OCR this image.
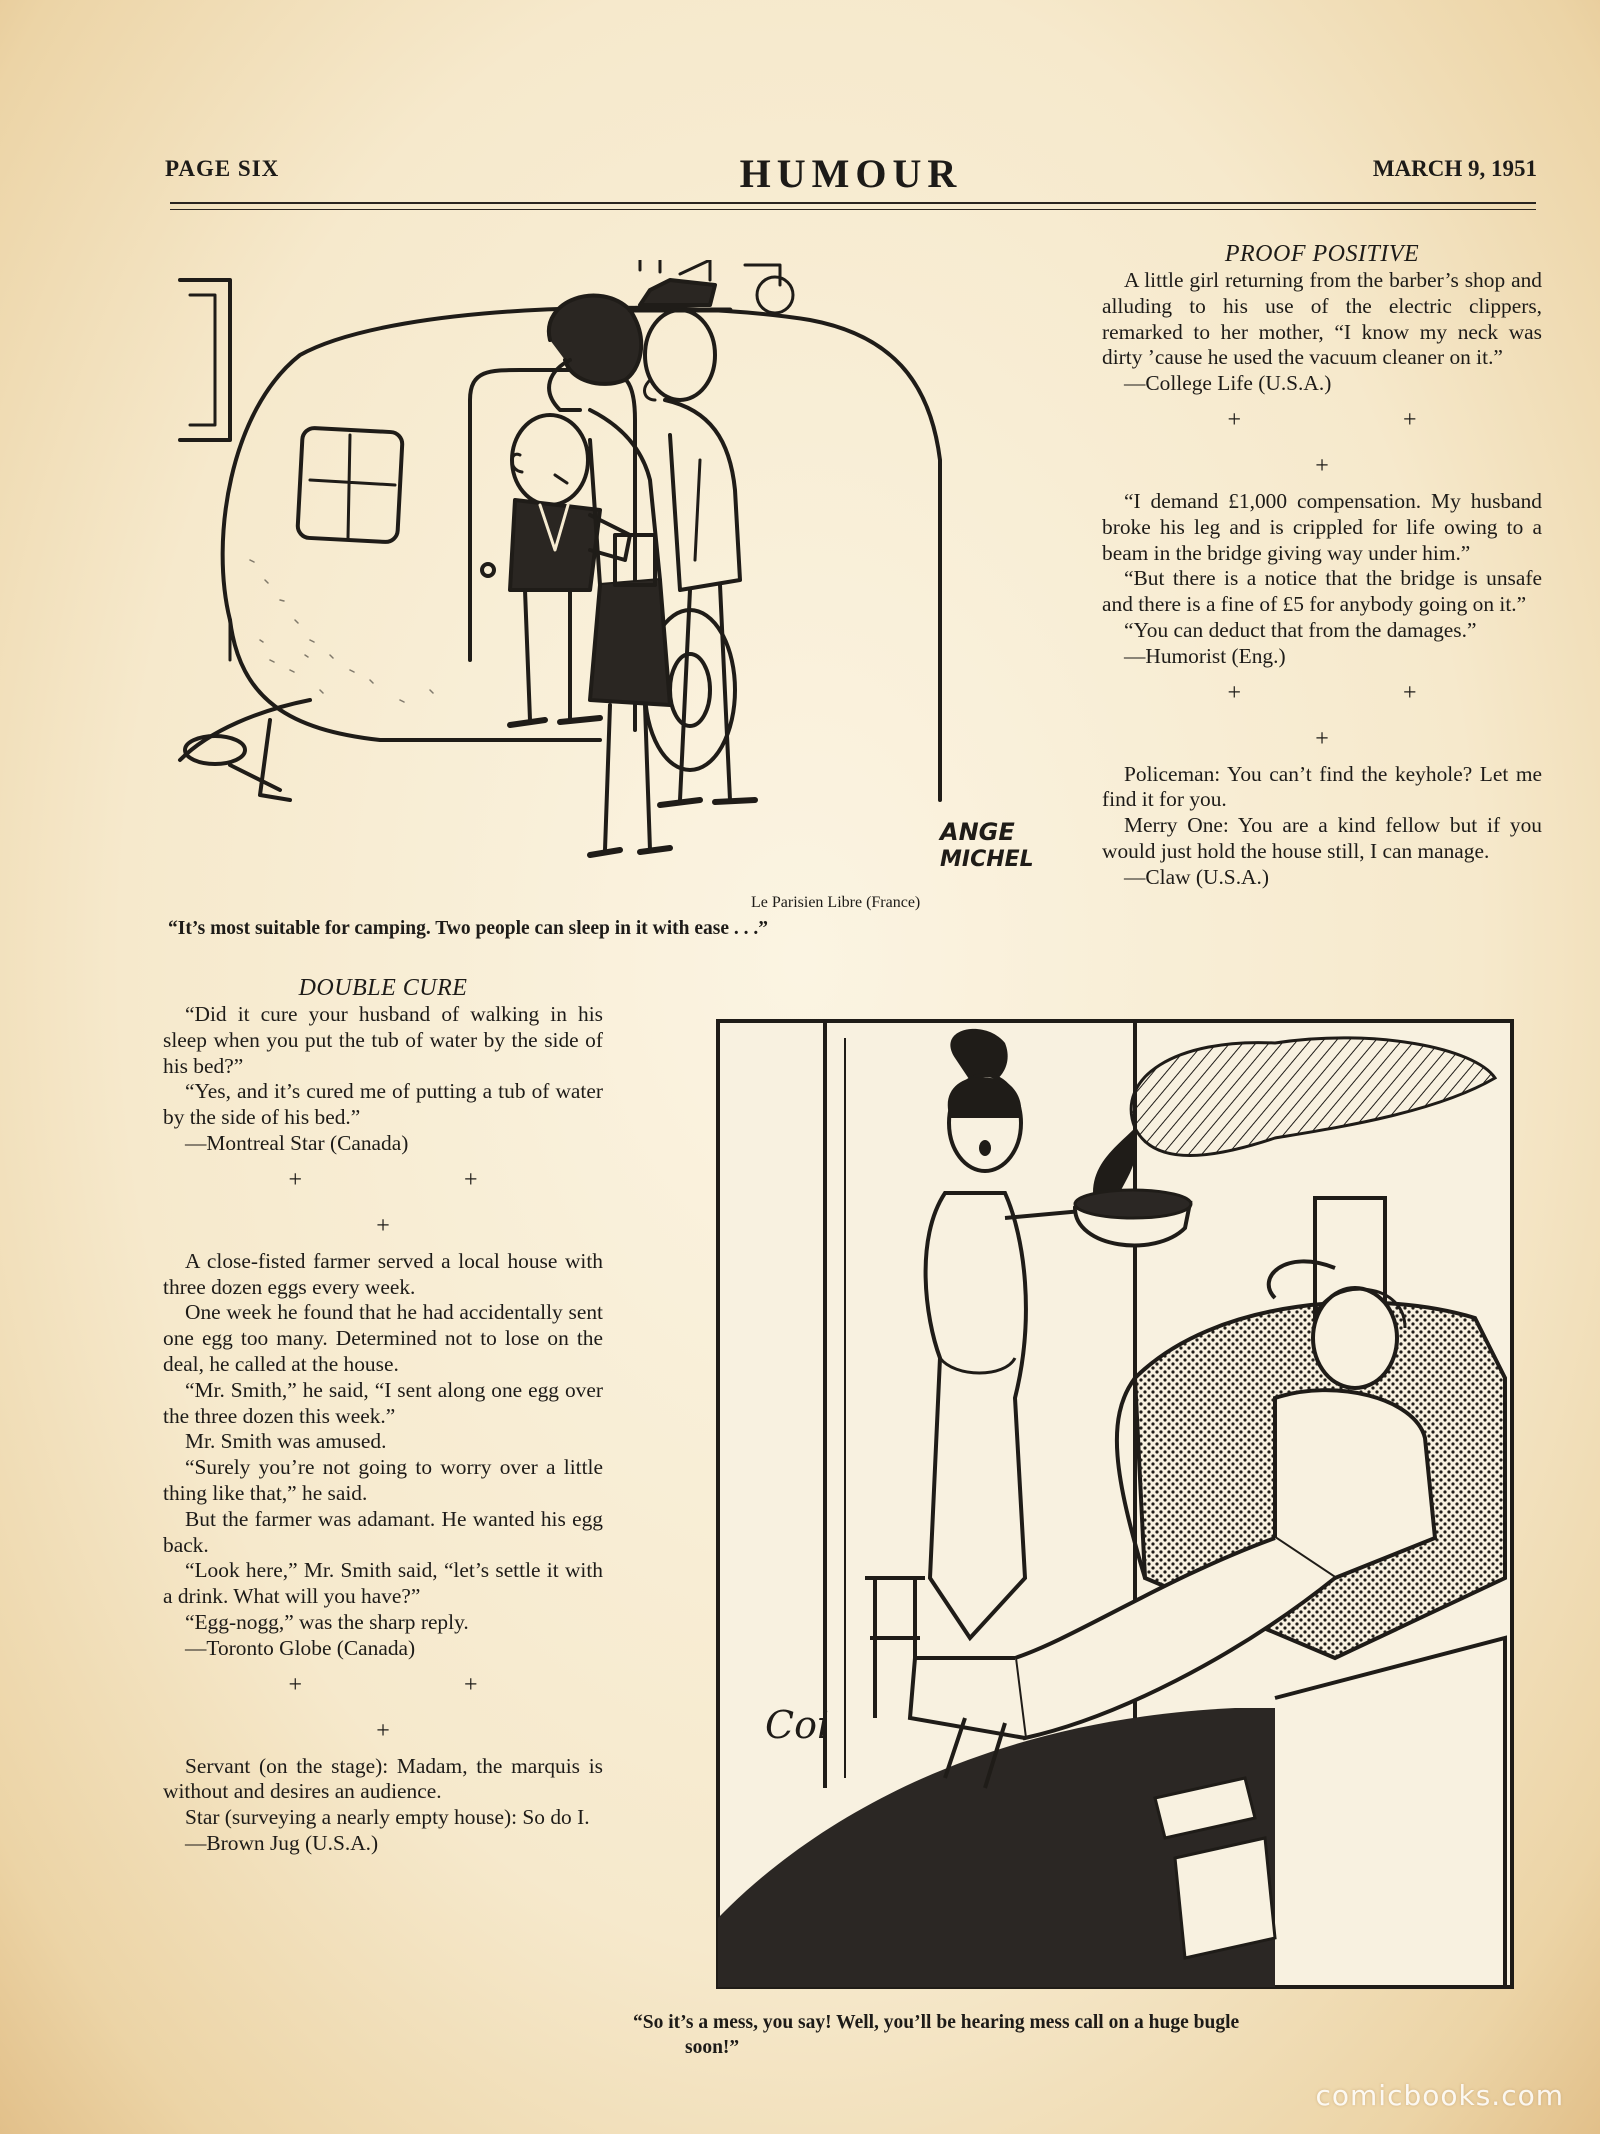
PAGE SIX	HUMOUR	MARCH 9, 1951
ANGE
MICHEL
Le Parisien Libre (France)
“It’s most suitable for camping. Two people can sleep in it with ease . . .”
PROOF POSITIVE

A little girl returning from the barber’s shop and alluding to his use of the electric clippers, remarked to her mother, “I know my neck was dirty ’cause he used the vacuum cleaner on it.”

—College Life (U.S.A.)

+ + +

“I demand £1,000 compensation. My husband broke his leg and is crippled for life owing to a beam in the bridge giving way under him.”

“But there is a notice that the bridge is unsafe and there is a fine of £5 for anybody going on it.”

“You can deduct that from the damages.”

—Humorist (Eng.)

+ + +

Policeman: You can’t find the keyhole? Let me find it for you.

Merry One: You are a kind fellow but if you would just hold the house still, I can manage.

—Claw (U.S.A.)

DOUBLE CURE

“Did it cure your husband of walking in his sleep when you put the tub of water by the side of his bed?”

“Yes, and it’s cured me of putting a tub of water by the side of his bed.”

—Montreal Star (Canada)

+ + +

A close-fisted farmer served a local house with three dozen eggs every week.

One week he found that he had accidentally sent one egg too many. Determined not to lose on the deal, he called at the house.

“Mr. Smith,” he said, “I sent along one egg over the three dozen this week.”

Mr. Smith was amused.

“Surely you’re not going to worry over a little thing like that,” he said.

But the farmer was adamant. He wanted his egg back.

“Look here,” Mr. Smith said, “let’s settle it with a drink. What will you have?”

“Egg-nogg,” was the sharp reply.

—Toronto Globe (Canada)

+ + +

Servant (on the stage): Madam, the marquis is without and desires an audience.

Star (surveying a nearly empty house): So do I.

—Brown Jug (U.S.A.)

Coi
“So it’s a mess, you say! Well, you’ll be hearing mess call on a huge bugle
soon!”
comicbooks.com
